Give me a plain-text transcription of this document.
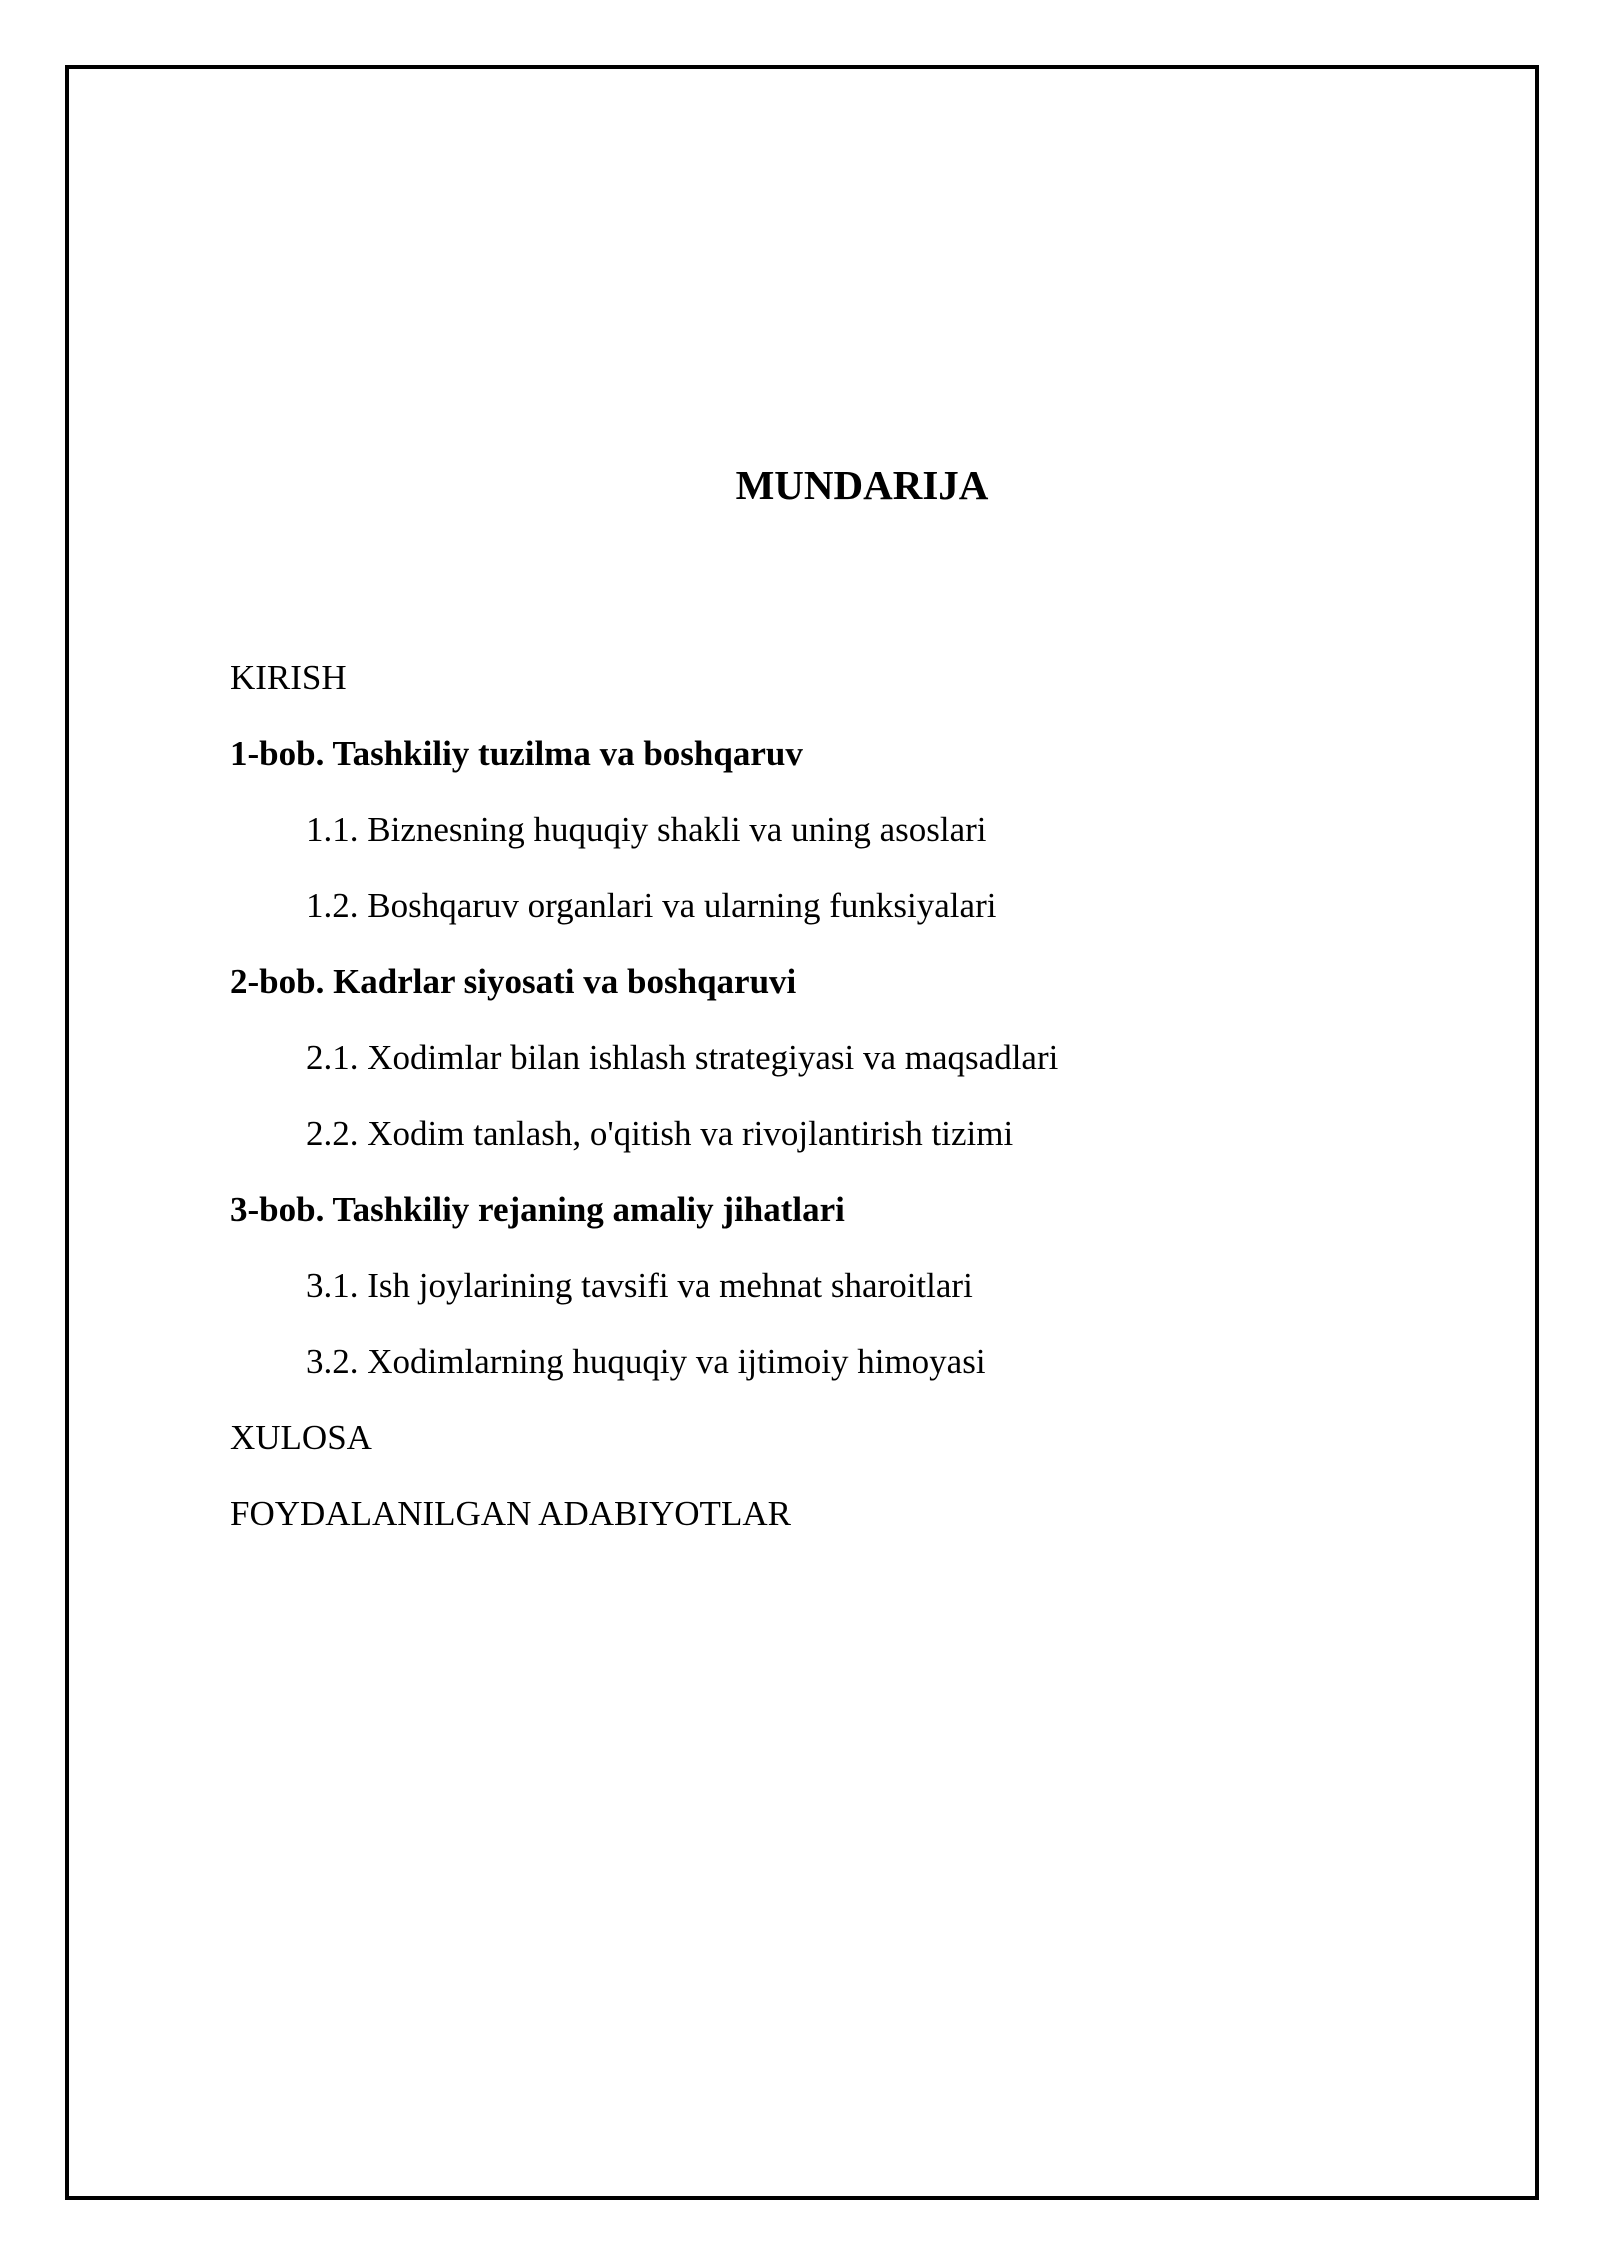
MUNDARIJA
KIRISH
1-bob. Tashkiliy tuzilma va boshqaruv
1.1. Biznesning huquqiy shakli va uning asoslari
1.2. Boshqaruv organlari va ularning funksiyalari
2-bob. Kadrlar siyosati va boshqaruvi
2.1. Xodimlar bilan ishlash strategiyasi va maqsadlari
2.2. Xodim tanlash, o'qitish va rivojlantirish tizimi
3-bob. Tashkiliy rejaning amaliy jihatlari
3.1. Ish joylarining tavsifi va mehnat sharoitlari
3.2. Xodimlarning huquqiy va ijtimoiy himoyasi
XULOSA
FOYDALANILGAN ADABIYOTLAR
